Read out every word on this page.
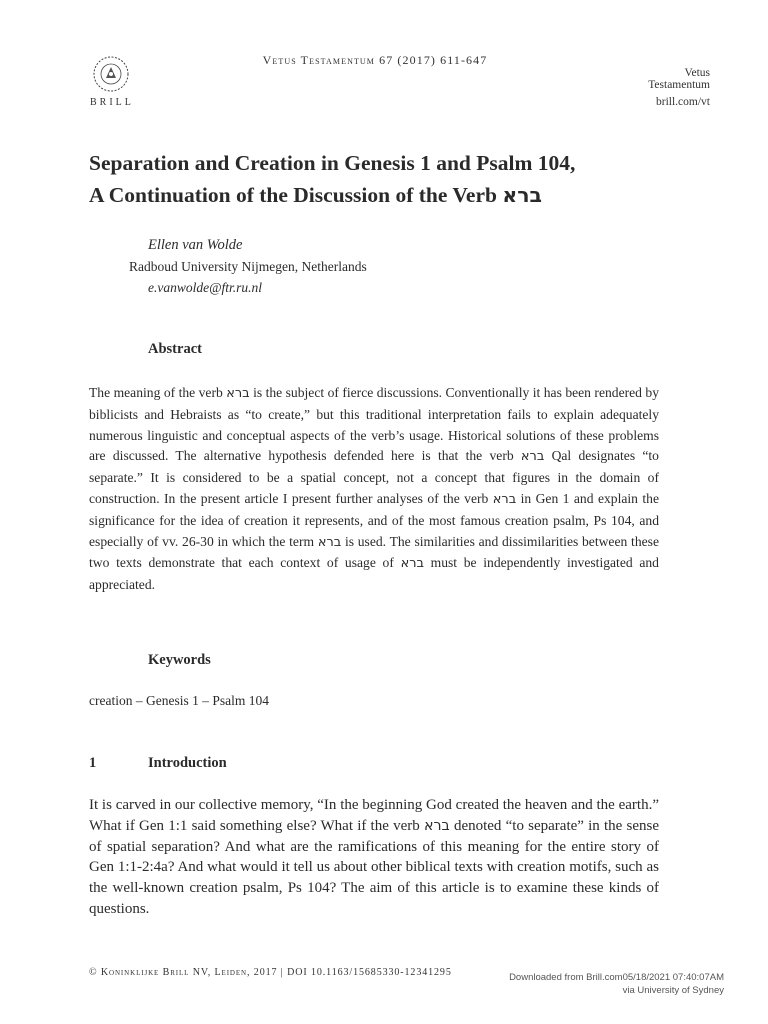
BRILL
Vetus Testamentum 67 (2017) 611-647
Vetus
Testamentum
brill.com/vt
Separation and Creation in Genesis 1 and Psalm 104,
A Continuation of the Discussion of the Verb ברא
Ellen van Wolde
Radboud University Nijmegen, Netherlands
e.vanwolde@ftr.ru.nl
Abstract
The meaning of the verb ברא is the subject of fierce discussions. Conventionally it has been rendered by biblicists and Hebraists as “to create,” but this traditional interpretation fails to explain adequately numerous linguistic and conceptual aspects of the verb’s usage. Historical solutions of these problems are discussed. The alternative hypothesis defended here is that the verb ברא Qal designates “to separate.” It is considered to be a spatial concept, not a concept that figures in the domain of construction. In the present article I present further analyses of the verb ברא in Gen 1 and explain the significance for the idea of creation it represents, and of the most famous creation psalm, Ps 104, and especially of vv. 26-30 in which the term ברא is used. The similarities and dissimilarities between these two texts demonstrate that each context of usage of ברא must be independently investigated and appreciated.
Keywords
creation – Genesis 1 – Psalm 104
1	Introduction
It is carved in our collective memory, “In the beginning God created the heaven and the earth.” What if Gen 1:1 said something else? What if the verb ברא denoted “to separate” in the sense of spatial separation? And what are the ramifications of this meaning for the entire story of Gen 1:1-2:4a? And what would it tell us about other biblical texts with creation motifs, such as the well-known creation psalm, Ps 104? The aim of this article is to examine these kinds of questions.
© Koninklijke Brill NV, Leiden, 2017 | DOI 10.1163/15685330-12341295	Downloaded from Brill.com05/18/2021 07:40:07AM
via University of Sydney
